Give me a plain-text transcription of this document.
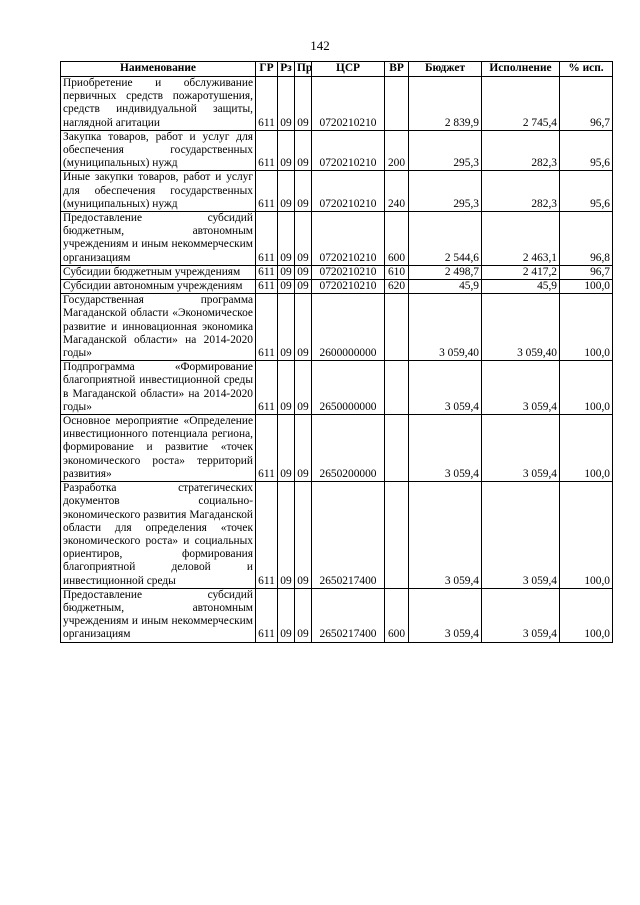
142
Наименование	ГР	Рз	Пр	ЦСР	ВР	Бюджет	Исполнение	% исп.
Приобретение и обслуживание первичных средств пожаротушения, средств индивидуальной защиты, наглядной агитации	611	09	09	0720210210		2 839,9	2 745,4	96,7
Закупка товаров, работ и услуг для обеспечения государственных (муниципальных) нужд	611	09	09	0720210210	200	295,3	282,3	95,6
Иные закупки товаров, работ и услуг для обеспечения государственных (муниципальных) нужд	611	09	09	0720210210	240	295,3	282,3	95,6
Предоставление субсидий бюджетным, автономным учреждениям и иным некоммерческим организациям	611	09	09	0720210210	600	2 544,6	2 463,1	96,8
Субсидии бюджетным учреждениям	611	09	09	0720210210	610	2 498,7	2 417,2	96,7
Субсидии автономным учреждениям	611	09	09	0720210210	620	45,9	45,9	100,0
Государственная программа Магаданской области «Экономическое развитие и инновационная экономика Магаданской области» на 2014-2020 годы»	611	09	09	2600000000		3 059,40	3 059,40	100,0
Подпрограмма «Формирование благоприятной инвестиционной среды в Магаданской области» на 2014-2020 годы»	611	09	09	2650000000		3 059,4	3 059,4	100,0
Основное мероприятие «Определение инвестиционного потенциала региона, формирование и развитие «точек экономического роста» территорий развития»	611	09	09	2650200000		3 059,4	3 059,4	100,0
Разработка стратегических документов социально-экономического развития Магаданской области для определения «точек экономического роста» и социальных ориентиров, формирования благоприятной деловой и инвестиционной среды	611	09	09	2650217400		3 059,4	3 059,4	100,0
Предоставление субсидий бюджетным, автономным учреждениям и иным некоммерческим организациям	611	09	09	2650217400	600	3 059,4	3 059,4	100,0
